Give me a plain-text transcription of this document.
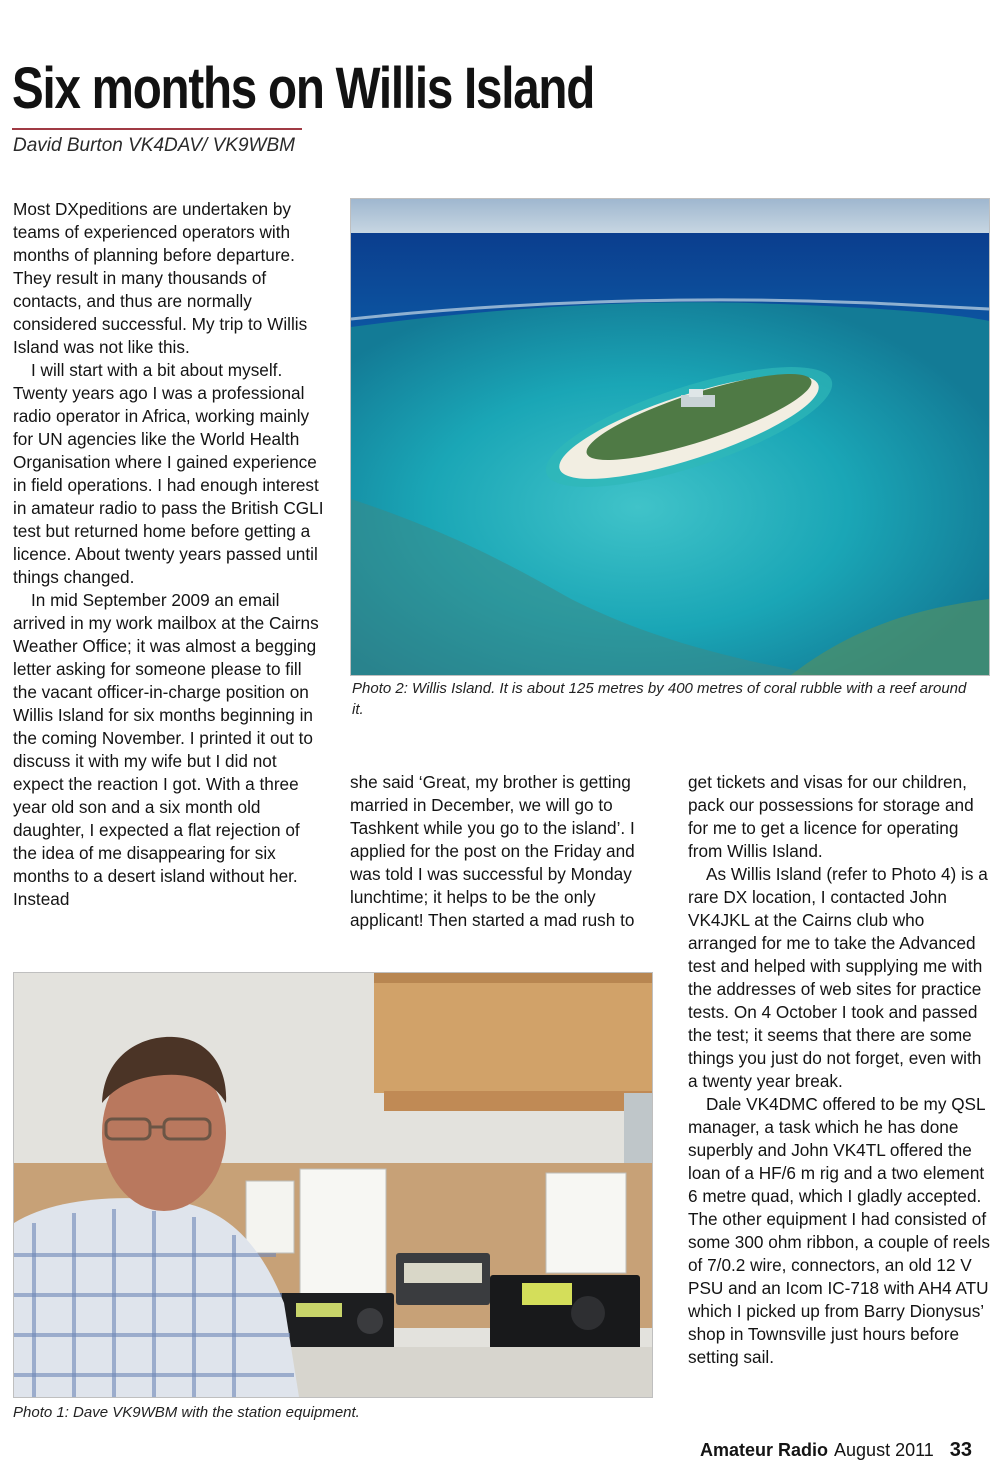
Six months on Willis Island
David Burton VK4DAV/ VK9WBM

Most DXpeditions are undertaken by teams of experienced operators with months of planning before departure. They result in many thousands of contacts, and thus are normally considered successful. My trip to Willis Island was not like this.

I will start with a bit about myself. Twenty years ago I was a professional radio operator in Africa, working mainly for UN agencies like the World Health Organisation where I gained experience in field operations. I had enough interest in amateur radio to pass the British CGLI test but returned home before getting a licence. About twenty years passed until things changed.

In mid September 2009 an email arrived in my work mailbox at the Cairns Weather Office; it was almost a begging letter asking for someone please to fill the vacant officer-in-charge position on Willis Island for six months beginning in the coming November. I printed it out to discuss it with my wife but I did not expect the reaction I got. With a three year old son and a six month old daughter, I expected a flat rejection of the idea of me disappearing for six months to a desert island without her. Instead

Photo 2: Willis Island. It is about 125 metres by 400 metres of coral rubble with a reef around it.

she said ‘Great, my brother is getting married in December, we will go to Tashkent while you go to the island’. I applied for the post on the Friday and was told I was successful by Monday lunchtime; it helps to be the only applicant! Then started a mad rush to

get tickets and visas for our children, pack our possessions for storage and for me to get a licence for operating from Willis Island.

As Willis Island (refer to Photo 4) is a rare DX location, I contacted John VK4JKL at the Cairns club who arranged for me to take the Advanced test and helped with supplying me with the addresses of web sites for practice tests. On 4 October I took and passed the test; it seems that there are some things you just do not forget, even with a twenty year break.

Dale VK4DMC offered to be my QSL manager, a task which he has done superbly and John VK4TL offered the loan of a HF/6 m rig and a two element 6 metre quad, which I gladly accepted. The other equipment I had consisted of some 300 ohm ribbon, a couple of reels of 7/0.2 wire, connectors, an old 12 V PSU and an Icom IC-718 with AH4 ATU which I picked up from Barry Dionysus’ shop in Townsville just hours before setting sail.

Photo 1: Dave VK9WBM with the station equipment.
Amateur Radio August 2011 33
